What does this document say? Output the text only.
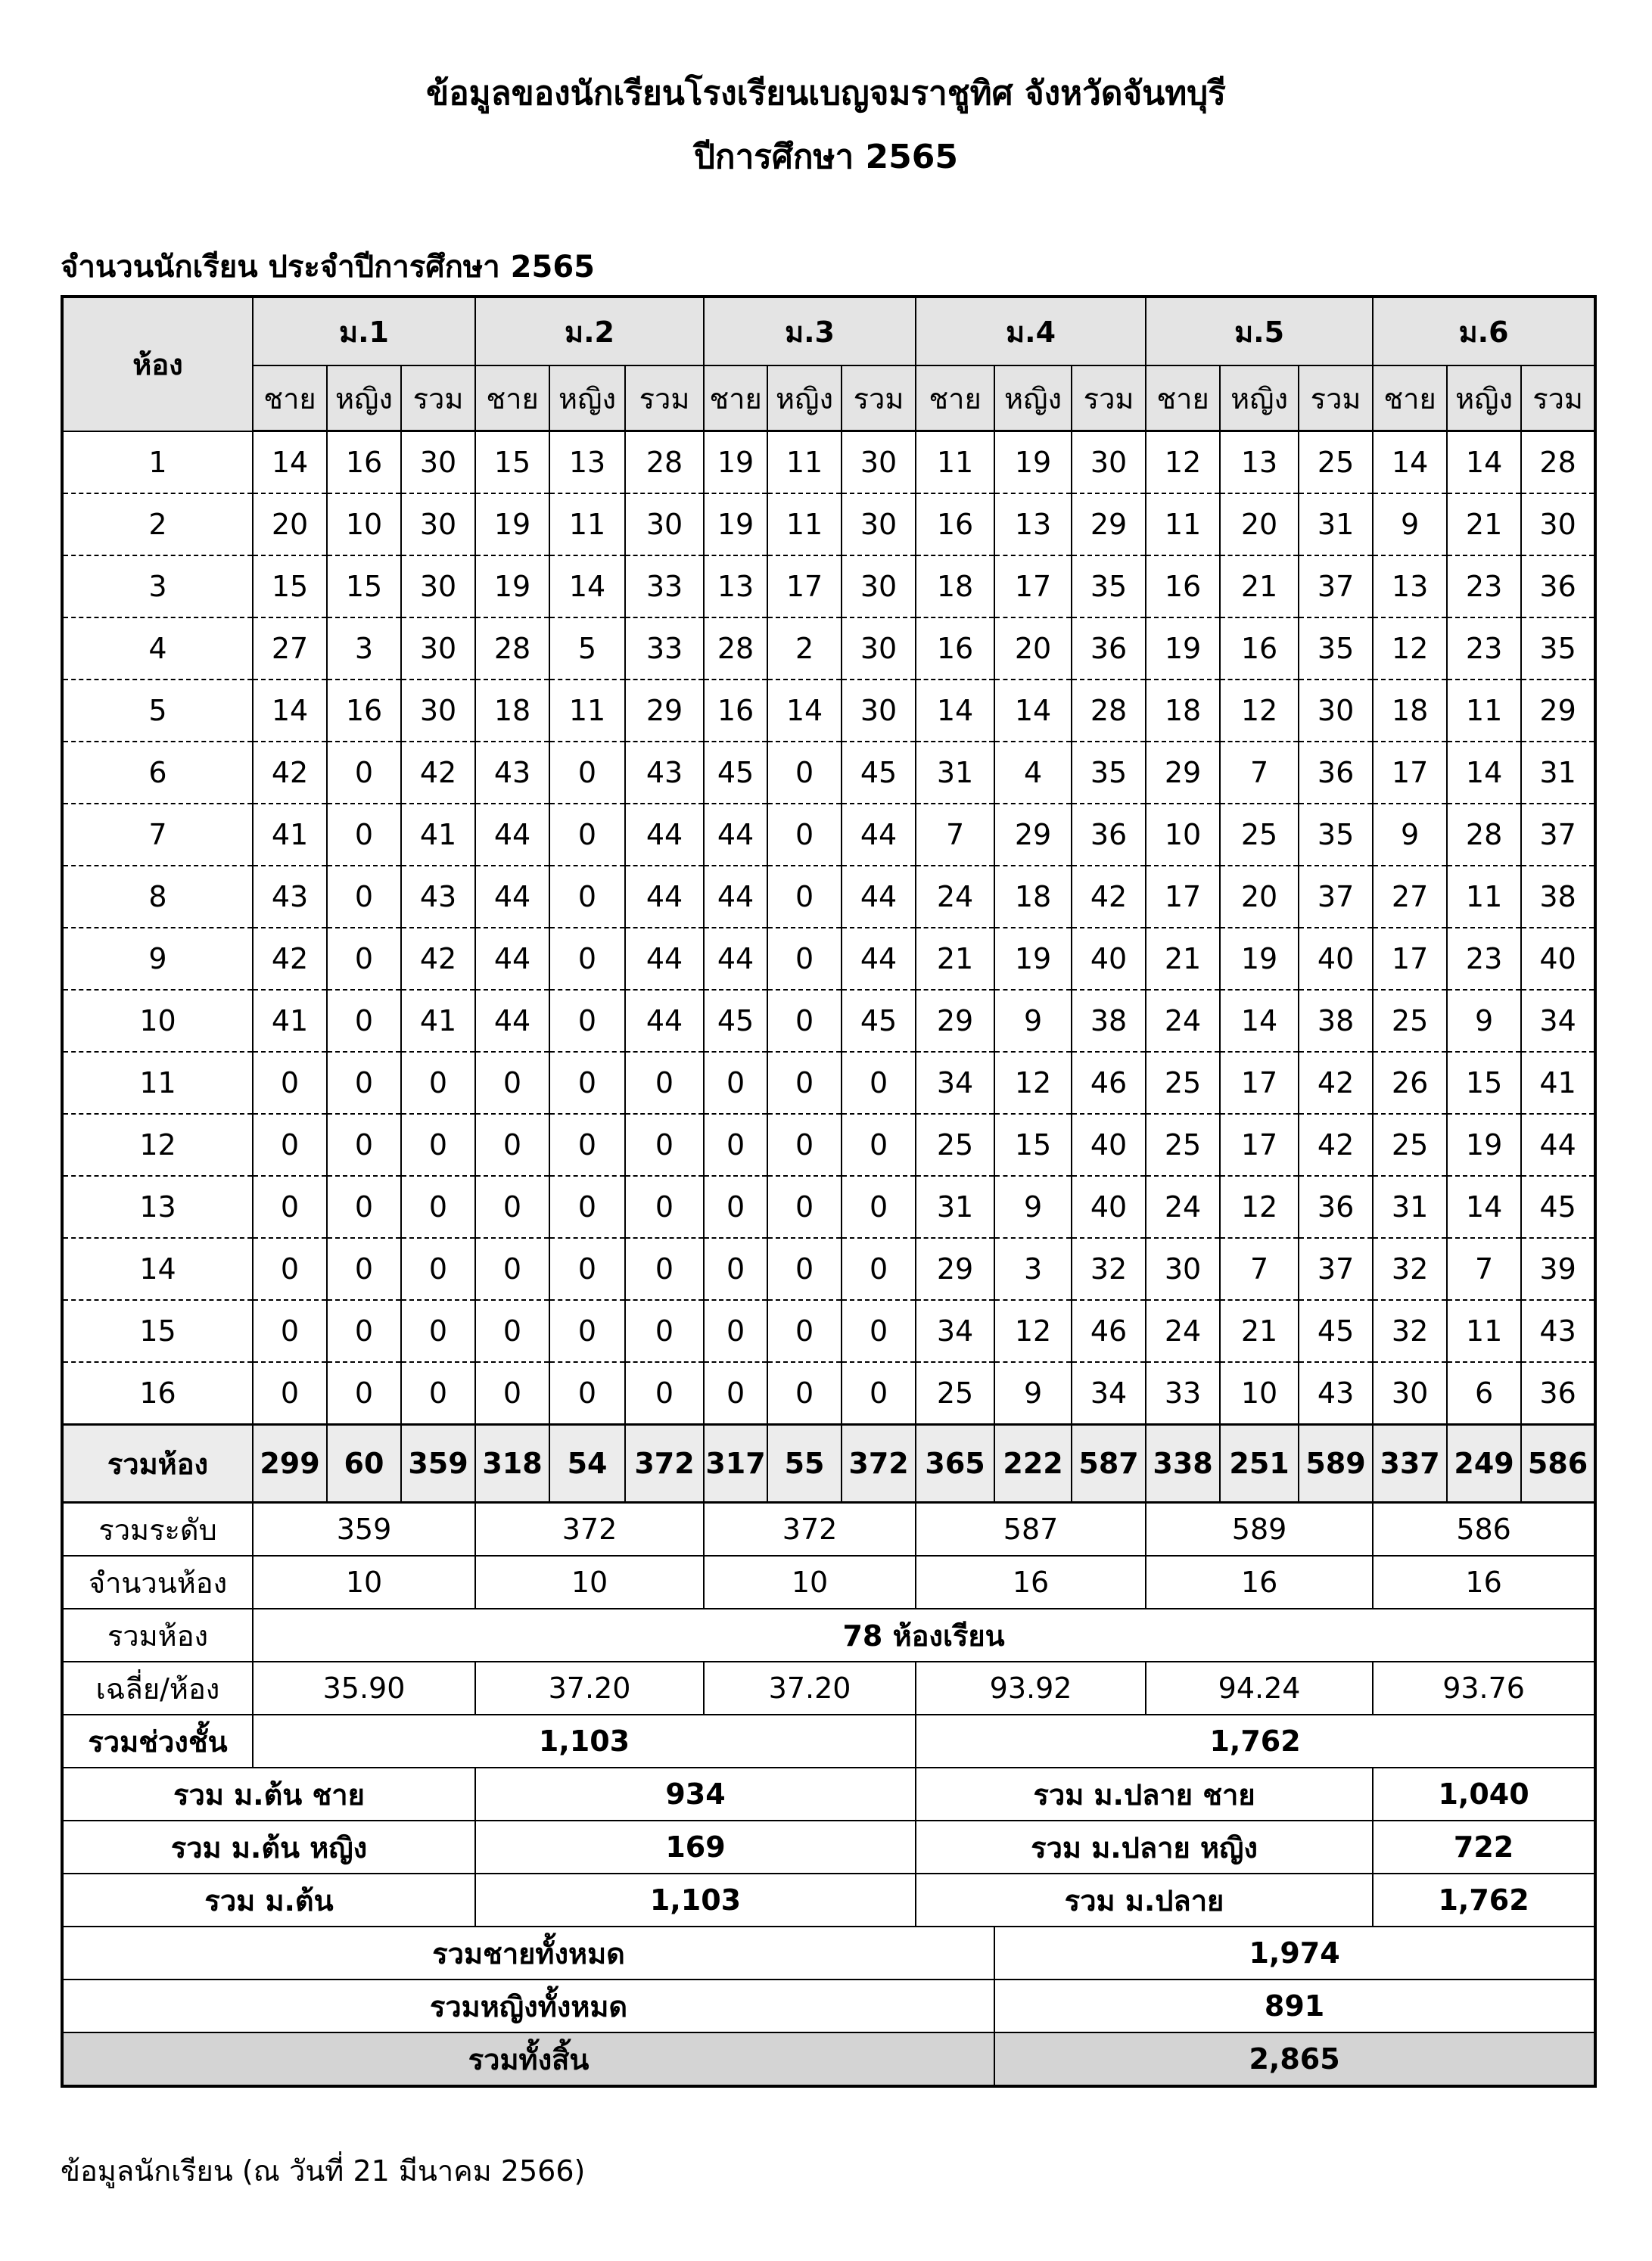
ข้อมูลของนักเรียนโรงเรียนเบญจมราชูทิศ จังหวัดจันทบุรี
ปีการศึกษา 2565
จำนวนนักเรียน ประจำปีการศึกษา 2565
ห้อง	ม.1			ม.2			ม.3			ม.4			ม.5			ม.6		
	ชาย	หญิง	รวม	ชาย	หญิง	รวม	ชาย	หญิง	รวม	ชาย	หญิง	รวม	ชาย	หญิง	รวม	ชาย	หญิง	รวม
1	14	16	30	15	13	28	19	11	30	11	19	30	12	13	25	14	14	28
2	20	10	30	19	11	30	19	11	30	16	13	29	11	20	31	9	21	30
3	15	15	30	19	14	33	13	17	30	18	17	35	16	21	37	13	23	36
4	27	3	30	28	5	33	28	2	30	16	20	36	19	16	35	12	23	35
5	14	16	30	18	11	29	16	14	30	14	14	28	18	12	30	18	11	29
6	42	0	42	43	0	43	45	0	45	31	4	35	29	7	36	17	14	31
7	41	0	41	44	0	44	44	0	44	7	29	36	10	25	35	9	28	37
8	43	0	43	44	0	44	44	0	44	24	18	42	17	20	37	27	11	38
9	42	0	42	44	0	44	44	0	44	21	19	40	21	19	40	17	23	40
10	41	0	41	44	0	44	45	0	45	29	9	38	24	14	38	25	9	34
11	0	0	0	0	0	0	0	0	0	34	12	46	25	17	42	26	15	41
12	0	0	0	0	0	0	0	0	0	25	15	40	25	17	42	25	19	44
13	0	0	0	0	0	0	0	0	0	31	9	40	24	12	36	31	14	45
14	0	0	0	0	0	0	0	0	0	29	3	32	30	7	37	32	7	39
15	0	0	0	0	0	0	0	0	0	34	12	46	24	21	45	32	11	43
16	0	0	0	0	0	0	0	0	0	25	9	34	33	10	43	30	6	36
รวมห้อง	299	60	359	318	54	372	317	55	372	365	222	587	338	251	589	337	249	586
รวมระดับ	359			372			372			587			589			586		
จำนวนห้อง	10			10			10			16			16			16		
รวมห้อง	78 ห้องเรียน																	
เฉลี่ย/ห้อง	35.90			37.20			37.20			93.92			94.24			93.76		
รวมช่วงชั้น	1,103									1,762								
รวม ม.ต้น ชาย				934						รวม ม.ปลาย ชาย						1,040		
รวม ม.ต้น หญิง				169						รวม ม.ปลาย หญิง						722		
รวม ม.ต้น				1,103						รวม ม.ปลาย						1,762		
รวมชายทั้งหมด											1,974							
รวมหญิงทั้งหมด											891							
รวมทั้งสิ้น											2,865							
ข้อมูลนักเรียน (ณ วันที่ 21 มีนาคม 2566)
